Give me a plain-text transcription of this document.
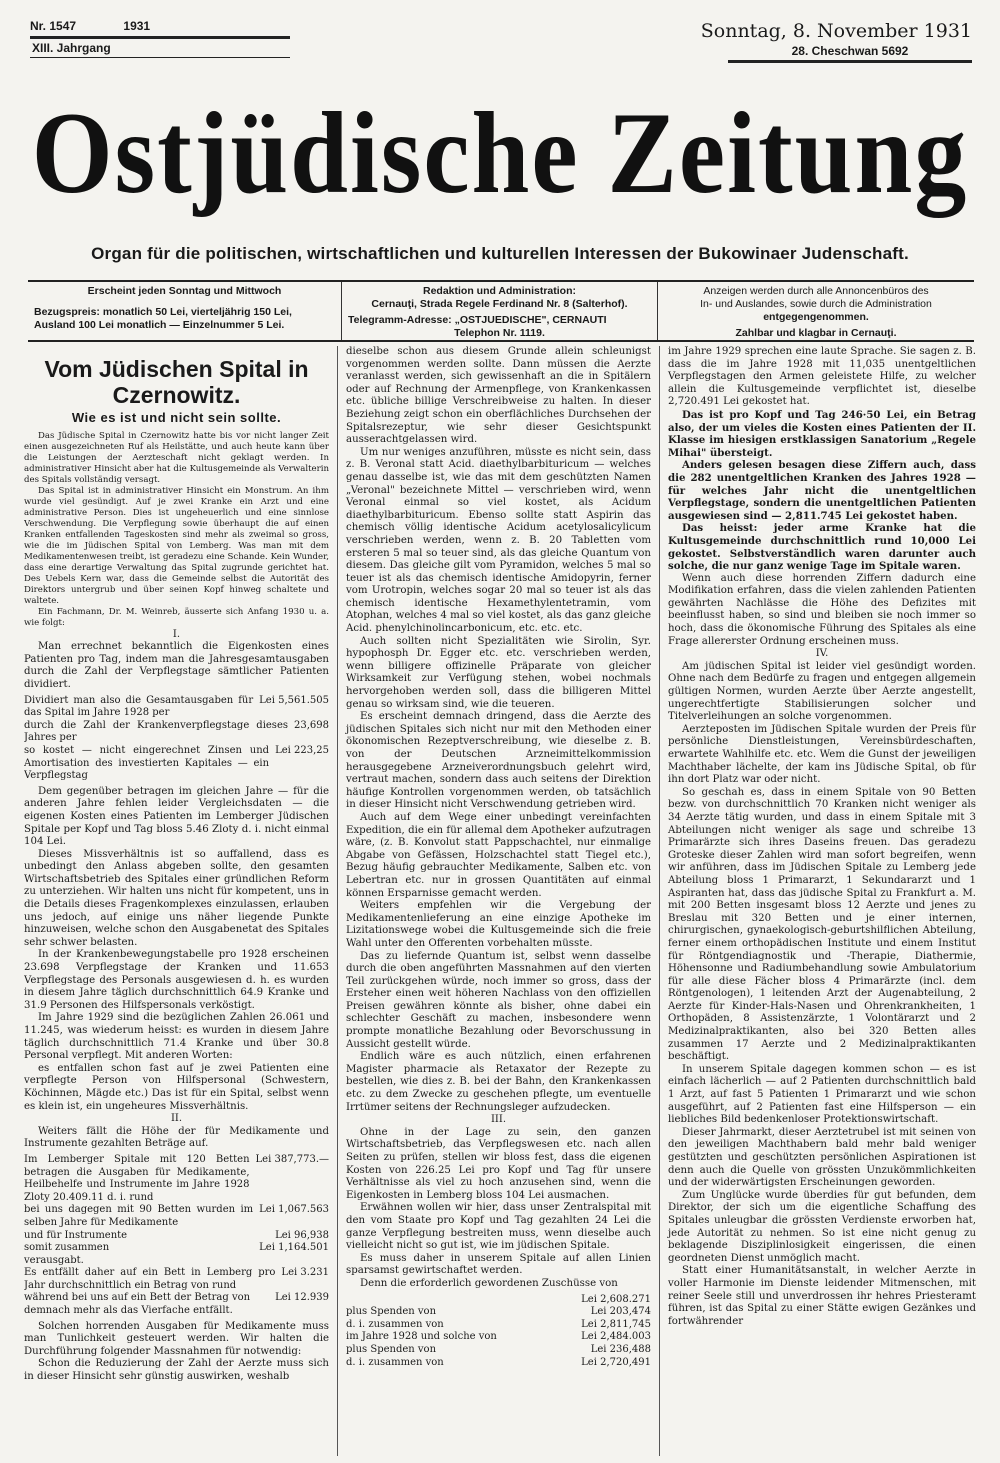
Nr. 1547	1931
XIII. Jahrgang
Sonntag, 8. November 1931
28. Cheschwan 5692
Ostjüdische Zeitung
Organ für die politischen, wirtschaftlichen und kulturellen Interessen der Bukowinaer Judenschaft.
Erscheint jeden Sonntag und Mittwoch
Bezugspreis: monatlich 50 Lei, vierteljährig 150 Lei,
Ausland 100 Lei monatlich — Einzelnummer 5 Lei.
Redaktion und Administration:
Cernauţi, Strada Regele Ferdinand Nr. 8 (Salterhof).
Telegramm-Adresse: „OSTJUEDISCHE", CERNAUTI
Telephon Nr. 1119.
Anzeigen werden durch alle Annoncenbüros des
In- und Auslandes, sowie durch die Administration
entgegengenommen.
Zahlbar und klagbar in Cernauţi.
Vom Jüdischen Spital in Czernowitz.
Wie es ist und nicht sein sollte.

Das Jüdische Spital in Czernowitz hatte bis vor nicht langer Zeit einen ausgezeichneten Ruf als Heilstätte, und auch heute kann über die Leistungen der Aerzteschaft nicht geklagt werden. In administrativer Hinsicht aber hat die Kultusgemeinde als Verwalterin des Spitals vollständig versagt.

Das Spital ist in administrativer Hinsicht ein Monstrum. An ihm wurde viel gesündigt. Auf je zwei Kranke ein Arzt und eine administrative Person. Dies ist ungeheuerlich und eine sinnlose Verschwendung. Die Verpflegung sowie überhaupt die auf einen Kranken entfallenden Tageskosten sind mehr als zweimal so gross, wie die im Jüdischen Spital von Lemberg. Was man mit dem Medikamentenwesen treibt, ist geradezu eine Schande. Kein Wunder, dass eine derartige Verwaltung das Spital zugrunde gerichtet hat. Des Uebels Kern war, dass die Gemeinde selbst die Autorität des Direktors untergrub und über seinen Kopf hinweg schaltete und waltete.

Ein Fachmann, Dr. M. Weinreb, äusserte sich Anfang 1930 u. a. wie folgt:

I.

Man errechnet bekanntlich die Eigenkosten eines Patienten pro Tag, indem man die Jahresgesamtausgaben durch die Zahl der Verpflegstage sämtlicher Patienten dividiert.

Dividiert man also die Gesamtausgaben für das Spital im Jahre 1928 per
Lei 5,561.505
durch die Zahl der Krankenverpflegstage dieses Jahres per
23,698
so kostet — nicht eingerechnet Zinsen und Amortisation des investierten Kapitales — ein Verpflegstag
Lei 223,25

Dem gegenüber betragen im gleichen Jahre — für die anderen Jahre fehlen leider Vergleichsdaten — die eigenen Kosten eines Patienten im Lemberger Jüdischen Spitale per Kopf und Tag bloss 5.46 Zloty d. i. nicht einmal 104 Lei.

Dieses Missverhältnis ist so auffallend, dass es unbedingt den Anlass abgeben sollte, den gesamten Wirtschaftsbetrieb des Spitales einer gründlichen Reform zu unterziehen. Wir halten uns nicht für kompetent, uns in die Details dieses Fragenkomplexes einzulassen, erlauben uns jedoch, auf einige uns näher liegende Punkte hinzuweisen, welche schon den Ausgabenetat des Spitales sehr schwer belasten.

In der Krankenbewegungstabelle pro 1928 erscheinen 23.698 Verpflegstage der Kranken und 11.653 Verpflegstage des Personals ausgewiesen d. h. es wurden in diesem Jahre täglich durchschnittlich 64.9 Kranke und 31.9 Personen des Hilfspersonals verköstigt.

Im Jahre 1929 sind die bezüglichen Zahlen 26.061 und 11.245, was wiederum heisst: es wurden in diesem Jahre täglich durchschnittlich 71.4 Kranke und über 30.8 Personal verpflegt. Mit anderen Worten:

es entfallen schon fast auf je zwei Patienten eine verpflegte Person von Hilfspersonal (Schwestern, Köchinnen, Mägde etc.) Das ist für ein Spital, selbst wenn es klein ist, ein ungeheures Missverhältnis.

II.

Weiters fällt die Höhe der für Medikamente und Instrumente gezahlten Beträge auf.

Im Lemberger Spitale mit 120 Betten betragen die Ausgaben für Medikamente, Heilbehelfe und Instrumente im Jahre 1928 Zloty 20.409.11 d. i. rund
Lei 387,773.—
bei uns dagegen mit 90 Betten wurden im selben Jahre für Medikamente
Lei 1,067.563
und für Instrumente	Lei 96,938
somit zusammen	Lei 1,164.501
verausgabt.
Es entfällt daher auf ein Bett in Lemberg pro Jahr durchschnittlich ein Betrag von rund
Lei 3.231
während bei uns auf ein Bett der Betrag von Lei 12.939
demnach mehr als das Vierfache entfällt.

Solchen horrenden Ausgaben für Medikamente muss man Tunlichkeit gesteuert werden. Wir halten die Durchführung folgender Massnahmen für notwendig:

Schon die Reduzierung der Zahl der Aerzte muss sich in dieser Hinsicht sehr günstig auswirken, weshalb

dieselbe schon aus diesem Grunde allein schleunigst vorgenommen werden sollte. Dann müssen die Aerzte veranlasst werden, sich gewissenhaft an die in Spitälern oder auf Rechnung der Armenpflege, von Krankenkassen etc. übliche billige Verschreibweise zu halten. In dieser Beziehung zeigt schon ein oberflächliches Durchsehen der Spitalsrezeptur, wie sehr dieser Gesichtspunkt ausserachtgelassen wird.

Um nur weniges anzuführen, müsste es nicht sein, dass z. B. Veronal statt Acid. diaethylbarbituricum — welches genau dasselbe ist, wie das mit dem geschützten Namen „Veronal" bezeichnete Mittel — verschrieben wird, wenn Veronal einmal so viel kostet, als Acidum diaethylbarbituricum. Ebenso sollte statt Aspirin das chemisch völlig identische Acidum acetylosalicylicum verschrieben werden, wenn z. B. 20 Tabletten vom ersteren 5 mal so teuer sind, als das gleiche Quantum von diesem. Das gleiche gilt vom Pyramidon, welches 5 mal so teuer ist als das chemisch identische Amidopyrin, ferner vom Urotropin, welches sogar 20 mal so teuer ist als das chemisch identische Hexamethylentetramin, vom Atophan, welches 4 mal so viel kostet, als das ganz gleiche Acid. phenylchinolincarbonicum, etc. etc. etc.

Auch sollten nicht Spezialitäten wie Sirolin, Syr. hypophosph Dr. Egger etc. etc. verschrieben werden, wenn billigere offizinelle Präparate von gleicher Wirksamkeit zur Verfügung stehen, wobei nochmals hervorgehoben werden soll, dass die billigeren Mittel genau so wirksam sind, wie die teueren.

Es erscheint demnach dringend, dass die Aerzte des jüdischen Spitales sich nicht nur mit den Methoden einer ökonomischen Rezeptverschreibung, wie dieselbe z. B. von der Deutschen Arzneimittelkommission herausgegebene Arzneiverordnungsbuch gelehrt wird, vertraut machen, sondern dass auch seitens der Direktion häufige Kontrollen vorgenommen werden, ob tatsächlich in dieser Hinsicht nicht Verschwendung getrieben wird.

Auch auf dem Wege einer unbedingt vereinfachten Expedition, die ein für allemal dem Apotheker aufzutragen wäre, (z. B. Konvolut statt Pappschachtel, nur einmalige Abgabe von Gefässen, Holzschachtel statt Tiegel etc.), Bezug häufig gebrauchter Medikamente, Salben etc. von Lebertran etc. nur in grossen Quantitäten auf einmal können Ersparnisse gemacht werden.

Weiters empfehlen wir die Vergebung der Medikamentenlieferung an eine einzige Apotheke im Lizitationswege wobei die Kultusgemeinde sich die freie Wahl unter den Offerenten vorbehalten müsste.

Das zu liefernde Quantum ist, selbst wenn dasselbe durch die oben angeführten Massnahmen auf den vierten Teil zurückgehen würde, noch immer so gross, dass der Ersteher einen weit höheren Nachlass von den offiziellen Preisen gewähren könnte als bisher, ohne dabei ein schlechter Geschäft zu machen, insbesondere wenn prompte monatliche Bezahlung oder Bevorschussung in Aussicht gestellt würde.

Endlich wäre es auch nützlich, einen erfahrenen Magister pharmacie als Retaxator der Rezepte zu bestellen, wie dies z. B. bei der Bahn, den Krankenkassen etc. zu dem Zwecke zu geschehen pflegte, um eventuelle Irrtümer seitens der Rechnungsleger aufzudecken.

III.

Ohne in der Lage zu sein, den ganzen Wirtschaftsbetrieb, das Verpflegswesen etc. nach allen Seiten zu prüfen, stellen wir bloss fest, dass die eigenen Kosten von 226.25 Lei pro Kopf und Tag für unsere Verhältnisse als viel zu hoch anzusehen sind, wenn die Eigenkosten in Lemberg bloss 104 Lei ausmachen.

Erwähnen wollen wir hier, dass unser Zentralspital mit den vom Staate pro Kopf und Tag gezahlten 24 Lei die ganze Verpflegung bestreiten muss, wenn dieselbe auch vielleicht nicht so gut ist, wie im jüdischen Spitale.

Es muss daher in unserem Spitale auf allen Linien sparsamst gewirtschaftet werden.

Denn die erforderlich gewordenen Zuschüsse von

Lei 2,608.271
plus Spenden von	Lei 203,474
d. i. zusammen von	Lei 2,811,745
im Jahre 1928 und solche von	Lei 2,484.003
plus Spenden von	Lei 236,488
d. i. zusammen von	Lei 2,720,491

im Jahre 1929 sprechen eine laute Sprache. Sie sagen z. B. dass die im Jahre 1928 mit 11,035 unentgeltlichen Verpflegstagen den Armen geleistete Hilfe, zu welcher allein die Kultusgemeinde verpflichtet ist, dieselbe 2,720.491 Lei gekostet hat.

Das ist pro Kopf und Tag 246·50 Lei, ein Betrag also, der um vieles die Kosten eines Patienten der II. Klasse im hiesigen erstklassigen Sanatorium „Regele Mihai" übersteigt.

Anders gelesen besagen diese Ziffern auch, dass die 282 unentgeltlichen Kranken des Jahres 1928 — für welches Jahr nicht die unentgeltlichen Verpflegstage, sondern die unentgeltlichen Patienten ausgewiesen sind — 2,811.745 Lei gekostet haben.

Das heisst: jeder arme Kranke hat die Kultusgemeinde durchschnittlich rund 10,000 Lei gekostet. Selbstverständlich waren darunter auch solche, die nur ganz wenige Tage im Spitale waren.

Wenn auch diese horrenden Ziffern dadurch eine Modifikation erfahren, dass die vielen zahlenden Patienten gewährten Nachlässe die Höhe des Defizites mit beeinflusst haben, so sind und bleiben sie noch immer so hoch, dass die ökonomische Führung des Spitales als eine Frage allererster Ordnung erscheinen muss.

IV.

Am jüdischen Spital ist leider viel gesündigt worden. Ohne nach dem Bedürfe zu fragen und entgegen allgemein gültigen Normen, wurden Aerzte über Aerzte angestellt, ungerechtfertigte Stabilisierungen solcher und Titelverleihungen an solche vorgenommen.

Aerzteposten im Jüdischen Spitale wurden der Preis für persönliche Dienstleistungen, Vereinsbürdeschaften, erwartete Wahlhilfe etc. etc. Wem die Gunst der jeweiligen Machthaber lächelte, der kam ins Jüdische Spital, ob für ihn dort Platz war oder nicht.

So geschah es, dass in einem Spitale von 90 Betten bezw. von durchschnittlich 70 Kranken nicht weniger als 34 Aerzte tätig wurden, und dass in einem Spitale mit 3 Abteilungen nicht weniger als sage und schreibe 13 Primarärzte sich ihres Daseins freuen. Das geradezu Groteske dieser Zahlen wird man sofort begreifen, wenn wir anführen, dass im Jüdischen Spitale zu Lemberg jede Abteilung bloss 1 Primararzt, 1 Sekundararzt und 1 Aspiranten hat, dass das jüdische Spital zu Frankfurt a. M. mit 200 Betten insgesamt bloss 12 Aerzte und jenes zu Breslau mit 320 Betten und je einer internen, chirurgischen, gynaekologisch-geburtshilflichen Abteilung, ferner einem orthopädischen Institute und einem Institut für Röntgendiagnostik und -Therapie, Diathermie, Höhensonne und Radiumbehandlung sowie Ambulatorium für alle diese Fächer bloss 4 Primarärzte (incl. dem Röntgenologen), 1 leitenden Arzt der Augenabteilung, 2 Aerzte für Kinder-Hals-Nasen und Ohrenkrankheiten, 1 Orthopäden, 8 Assistenzärzte, 1 Volontärarzt und 2 Medizinalpraktikanten, also bei 320 Betten alles zusammen 17 Aerzte und 2 Medizinalpraktikanten beschäftigt.

In unserem Spitale dagegen kommen schon — es ist einfach lächerlich — auf 2 Patienten durchschnittlich bald 1 Arzt, auf fast 5 Patienten 1 Primararzt und wie schon ausgeführt, auf 2 Patienten fast eine Hilfsperson — ein liebliches Bild bedenkenloser Protektionswirtschaft.

Dieser Jahrmarkt, dieser Aerztetrubel ist mit seinen von den jeweiligen Machthabern bald mehr bald weniger gestützten und geschützten persönlichen Aspirationen ist denn auch die Quelle von grössten Unzukömmlichkeiten und der widerwärtigsten Erscheinungen geworden.

Zum Unglücke wurde überdies für gut befunden, dem Direktor, der sich um die eigentliche Schaffung des Spitales unleugbar die grössten Verdienste erworben hat, jede Autorität zu nehmen. So ist eine nicht genug zu beklagende Disziplinlosigkeit eingerissen, die einen geordneten Dienst unmöglich macht.

Statt einer Humanitätsanstalt, in welcher Aerzte in voller Harmonie im Dienste leidender Mitmenschen, mit reiner Seele still und unverdrossen ihr hehres Priesteramt führen, ist das Spital zu einer Stätte ewigen Gezänkes und fortwährender
